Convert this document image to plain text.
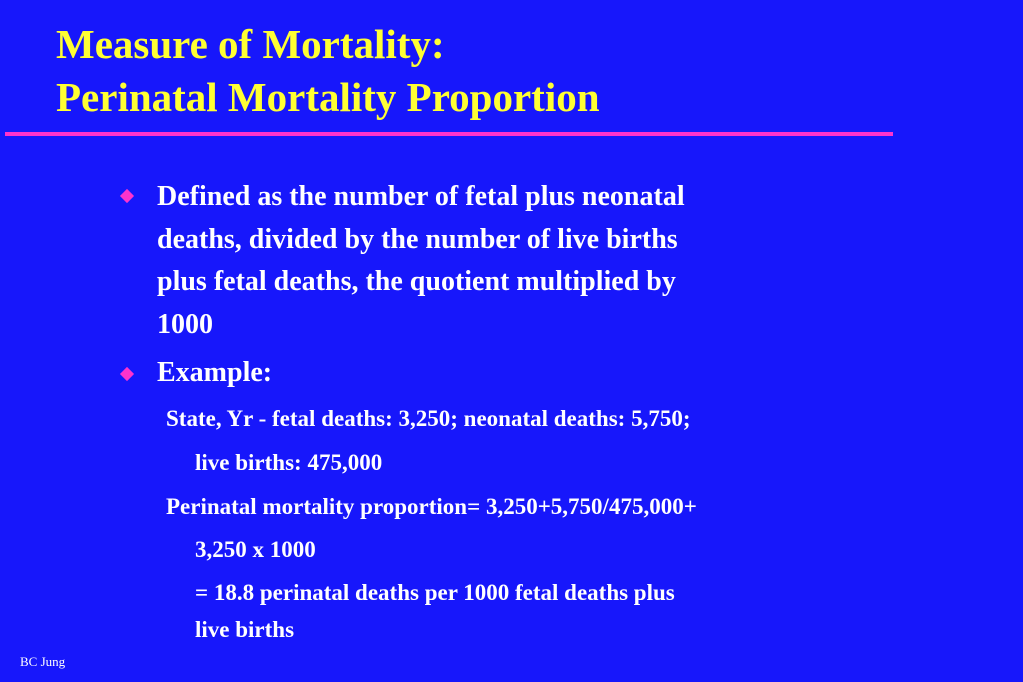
Measure of Mortality:
Perinatal Mortality Proportion
Defined as the number of fetal plus neonatal
deaths, divided by the number of live births
plus fetal deaths, the quotient multiplied by
1000
Example:
State, Yr - fetal deaths: 3,250; neonatal deaths: 5,750;
live births: 475,000
Perinatal mortality proportion= 3,250+5,750/475,000+
3,250 x 1000
= 18.8 perinatal deaths per 1000 fetal deaths plus
live births
BC Jung
